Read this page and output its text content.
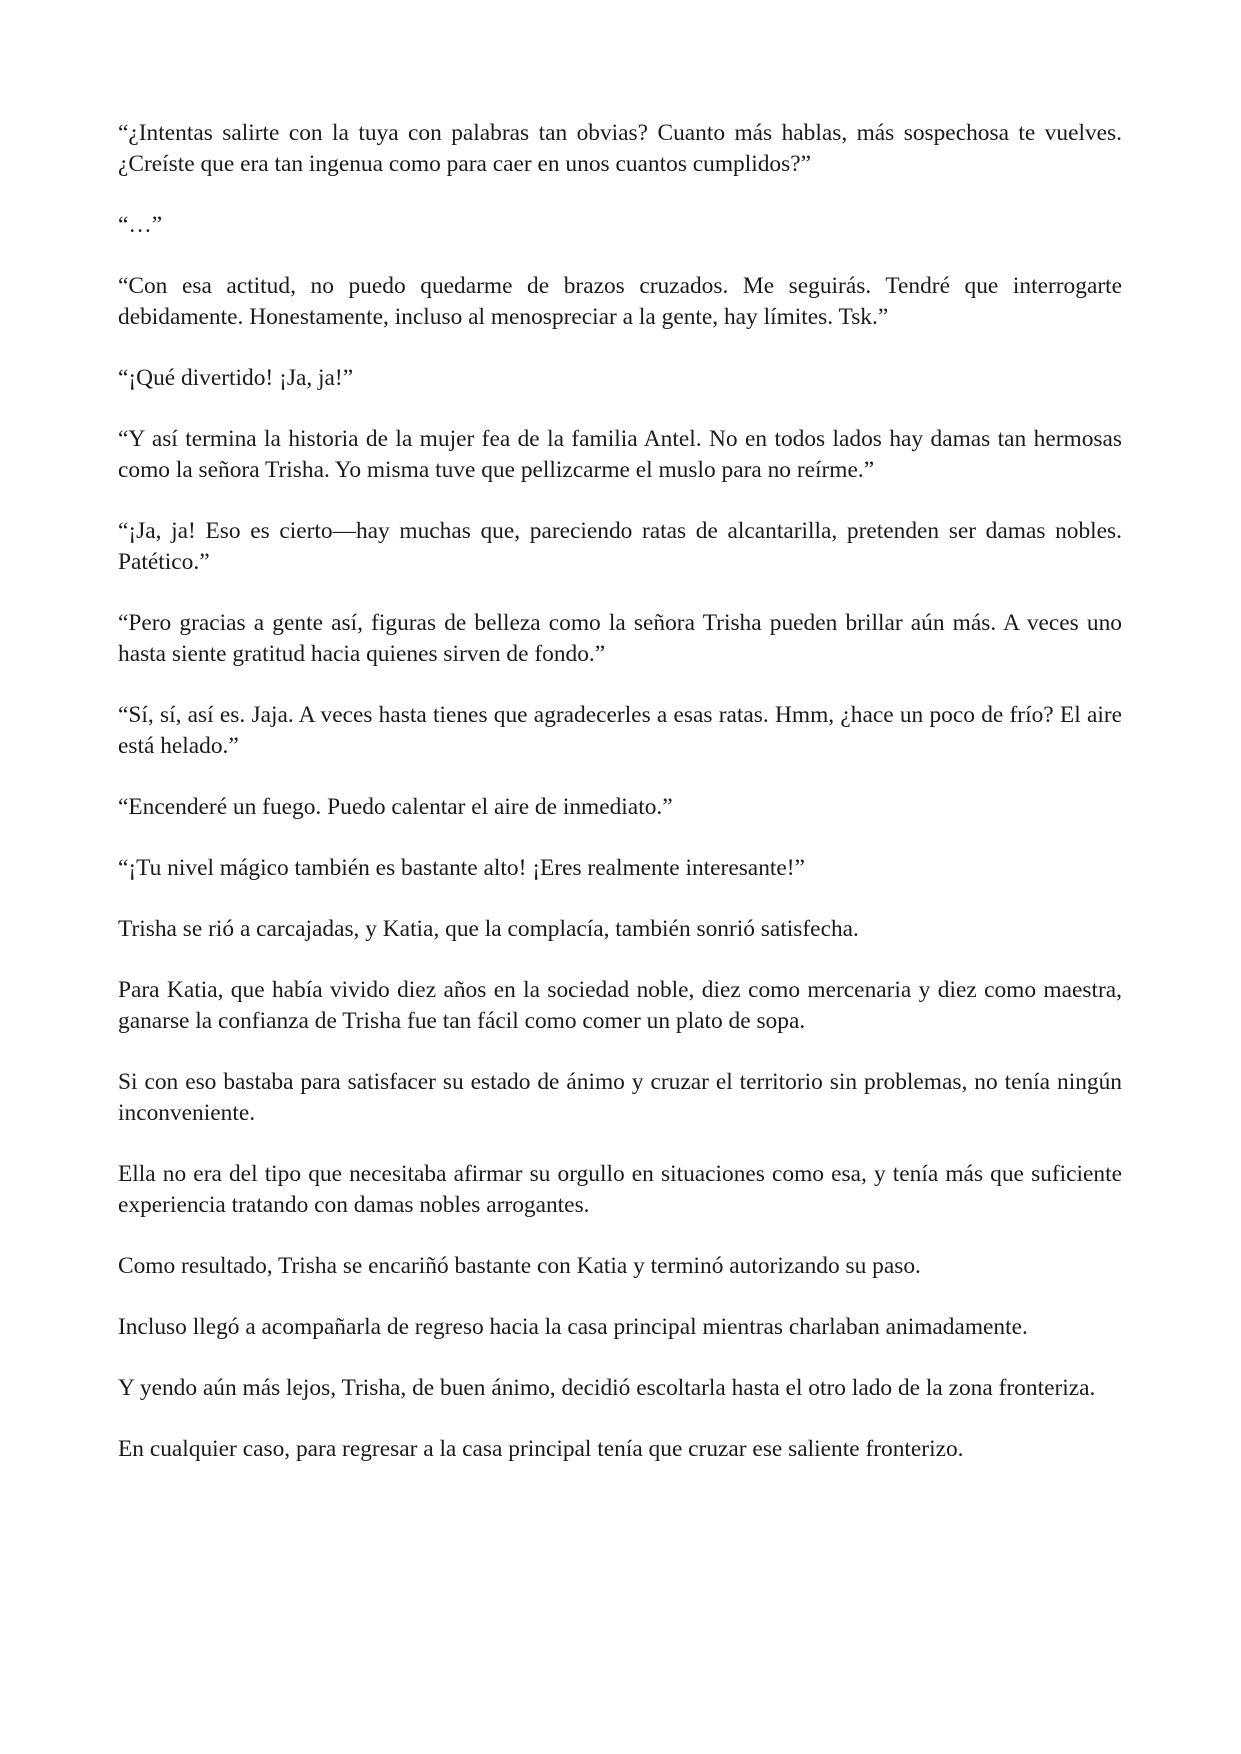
“¿Intentas salirte con la tuya con palabras tan obvias? Cuanto más hablas, más sospechosa te vuelves. ¿Creíste que era tan ingenua como para caer en unos cuantos cumplidos?”

“…”

“Con esa actitud, no puedo quedarme de brazos cruzados. Me seguirás. Tendré que interrogarte debidamente. Honestamente, incluso al menospreciar a la gente, hay límites. Tsk.”

“¡Qué divertido! ¡Ja, ja!”

“Y así termina la historia de la mujer fea de la familia Antel. No en todos lados hay damas tan hermosas como la señora Trisha. Yo misma tuve que pellizcarme el muslo para no reírme.”

“¡Ja, ja! Eso es cierto—hay muchas que, pareciendo ratas de alcantarilla, pretenden ser damas nobles. Patético.”

“Pero gracias a gente así, figuras de belleza como la señora Trisha pueden brillar aún más. A veces uno hasta siente gratitud hacia quienes sirven de fondo.”

“Sí, sí, así es. Jaja. A veces hasta tienes que agradecerles a esas ratas. Hmm, ¿hace un poco de frío? El aire está helado.”

“Encenderé un fuego. Puedo calentar el aire de inmediato.”

“¡Tu nivel mágico también es bastante alto! ¡Eres realmente interesante!”

Trisha se rió a carcajadas, y Katia, que la complacía, también sonrió satisfecha.

Para Katia, que había vivido diez años en la sociedad noble, diez como mercenaria y diez como maestra, ganarse la confianza de Trisha fue tan fácil como comer un plato de sopa.

Si con eso bastaba para satisfacer su estado de ánimo y cruzar el territorio sin problemas, no tenía ningún inconveniente.

Ella no era del tipo que necesitaba afirmar su orgullo en situaciones como esa, y tenía más que suficiente experiencia tratando con damas nobles arrogantes.

Como resultado, Trisha se encariñó bastante con Katia y terminó autorizando su paso.

Incluso llegó a acompañarla de regreso hacia la casa principal mientras charlaban animadamente.

Y yendo aún más lejos, Trisha, de buen ánimo, decidió escoltarla hasta el otro lado de la zona fronteriza.

En cualquier caso, para regresar a la casa principal tenía que cruzar ese saliente fronterizo.
